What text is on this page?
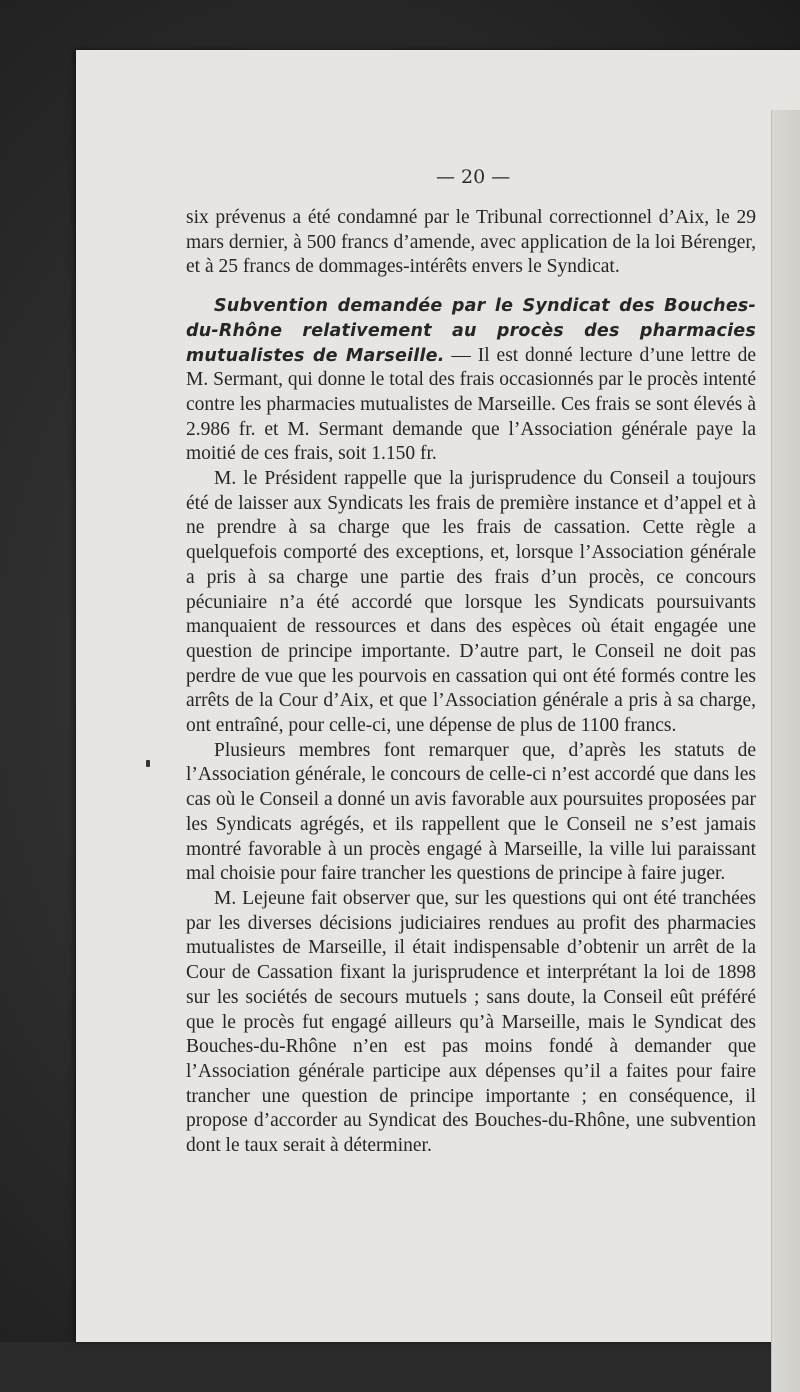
— 20 —

six prévenus a été condamné par le Tribunal correctionnel d’Aix, le 29 mars dernier, à 500 francs d’amende, avec application de la loi Bérenger, et à 25 francs de dommages-intérêts envers le Syndicat.

Subvention demandée par le Syndicat des Bouches-du-Rhône relativement au procès des pharmacies mutualistes de Marseille. — Il est donné lecture d’une lettre de M. Sermant, qui donne le total des frais occasionnés par le procès intenté contre les pharmacies mutualistes de Marseille. Ces frais se sont élevés à 2.986 fr. et M. Sermant demande que l’Association générale paye la moitié de ces frais, soit 1.150 fr.

M. le Président rappelle que la jurisprudence du Conseil a toujours été de laisser aux Syndicats les frais de première instance et d’appel et à ne prendre à sa charge que les frais de cassation. Cette règle a quelquefois comporté des exceptions, et, lorsque l’Association générale a pris à sa charge une partie des frais d’un procès, ce concours pécuniaire n’a été accordé que lorsque les Syndicats poursuivants manquaient de ressources et dans des espèces où était engagée une question de principe importante. D’autre part, le Conseil ne doit pas perdre de vue que les pourvois en cassation qui ont été formés contre les arrêts de la Cour d’Aix, et que l’Association générale a pris à sa charge, ont entraîné, pour celle-ci, une dépense de plus de 1100 francs.

Plusieurs membres font remarquer que, d’après les statuts de l’Association générale, le concours de celle-ci n’est accordé que dans les cas où le Conseil a donné un avis favorable aux poursuites proposées par les Syndicats agrégés, et ils rappellent que le Conseil ne s’est jamais montré favorable à un procès engagé à Marseille, la ville lui paraissant mal choisie pour faire trancher les questions de principe à faire juger.

M. Lejeune fait observer que, sur les questions qui ont été tranchées par les diverses décisions judiciaires rendues au profit des pharmacies mutualistes de Marseille, il était indispensable d’obtenir un arrêt de la Cour de Cassation fixant la jurisprudence et interprétant la loi de 1898 sur les sociétés de secours mutuels ; sans doute, la Conseil eût préféré que le procès fut engagé ailleurs qu’à Marseille, mais le Syndicat des Bouches-du-Rhône n’en est pas moins fondé à demander que l’Association générale participe aux dépenses qu’il a faites pour faire trancher une question de principe importante ; en conséquence, il propose d’accorder au Syndicat des Bouches-du-Rhône, une subvention dont le taux serait à déterminer.
